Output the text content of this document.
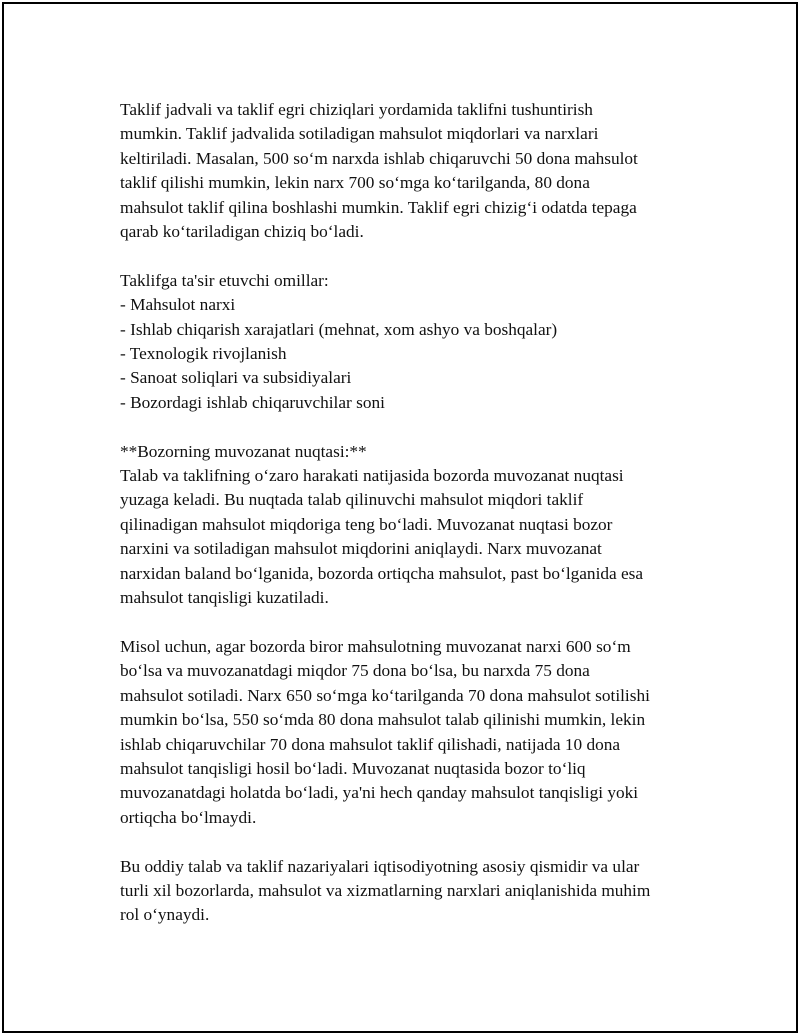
Taklif jadvali va taklif egri chiziqlari yordamida taklifni tushuntirish
mumkin. Taklif jadvalida sotiladigan mahsulot miqdorlari va narxlari
keltiriladi. Masalan, 500 so‘m narxda ishlab chiqaruvchi 50 dona mahsulot
taklif qilishi mumkin, lekin narx 700 so‘mga ko‘tarilganda, 80 dona
mahsulot taklif qilina boshlashi mumkin. Taklif egri chizig‘i odatda tepaga
qarab ko‘tariladigan chiziq bo‘ladi.

Taklifga ta'sir etuvchi omillar:
- Mahsulot narxi
- Ishlab chiqarish xarajatlari (mehnat, xom ashyo va boshqalar)
- Texnologik rivojlanish
- Sanoat soliqlari va subsidiyalari
- Bozordagi ishlab chiqaruvchilar soni

**Bozorning muvozanat nuqtasi:**
Talab va taklifning o‘zaro harakati natijasida bozorda muvozanat nuqtasi
yuzaga keladi. Bu nuqtada talab qilinuvchi mahsulot miqdori taklif
qilinadigan mahsulot miqdoriga teng bo‘ladi. Muvozanat nuqtasi bozor
narxini va sotiladigan mahsulot miqdorini aniqlaydi. Narx muvozanat
narxidan baland bo‘lganida, bozorda ortiqcha mahsulot, past bo‘lganida esa
mahsulot tanqisligi kuzatiladi.

Misol uchun, agar bozorda biror mahsulotning muvozanat narxi 600 so‘m
bo‘lsa va muvozanatdagi miqdor 75 dona bo‘lsa, bu narxda 75 dona
mahsulot sotiladi. Narx 650 so‘mga ko‘tarilganda 70 dona mahsulot sotilishi
mumkin bo‘lsa, 550 so‘mda 80 dona mahsulot talab qilinishi mumkin, lekin
ishlab chiqaruvchilar 70 dona mahsulot taklif qilishadi, natijada 10 dona
mahsulot tanqisligi hosil bo‘ladi. Muvozanat nuqtasida bozor to‘liq
muvozanatdagi holatda bo‘ladi, ya'ni hech qanday mahsulot tanqisligi yoki
ortiqcha bo‘lmaydi.

Bu oddiy talab va taklif nazariyalari iqtisodiyotning asosiy qismidir va ular
turli xil bozorlarda, mahsulot va xizmatlarning narxlari aniqlanishida muhim
rol o‘ynaydi.
